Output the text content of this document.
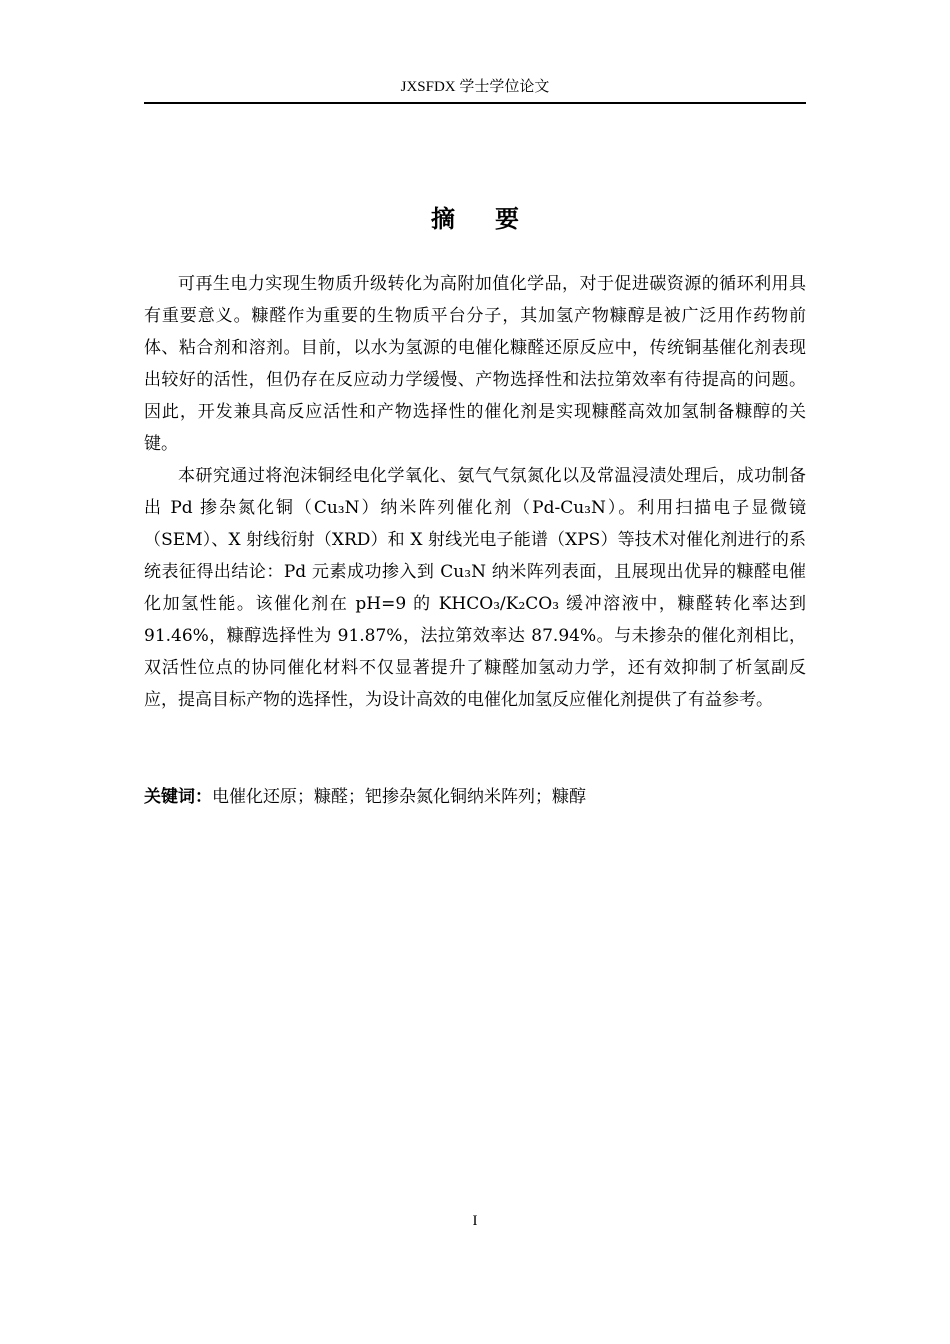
JXSFDX 学士学位论文
摘要

可再生电力实现生物质升级转化为高附加值化学品，对于促进碳资源的循环利用具有重要意义。糠醛作为重要的生物质平台分子，其加氢产物糠醇是被广泛用作药物前体、粘合剂和溶剂。目前，以水为氢源的电催化糠醛还原反应中，传统铜基催化剂表现出较好的活性，但仍存在反应动力学缓慢、产物选择性和法拉第效率有待提高的问题。因此，开发兼具高反应活性和产物选择性的催化剂是实现糠醛高效加氢制备糠醇的关键。

本研究通过将泡沫铜经电化学氧化、氨气气氛氮化以及常温浸渍处理后，成功制备出 Pd 掺杂氮化铜（Cu₃N）纳米阵列催化剂（Pd-Cu₃N）。利用扫描电子显微镜（SEM）、X 射线衍射（XRD）和 X 射线光电子能谱（XPS）等技术对催化剂进行的系统表征得出结论：Pd 元素成功掺入到 Cu₃N 纳米阵列表面，且展现出优异的糠醛电催化加氢性能。该催化剂在 pH=9 的 KHCO₃/K₂CO₃ 缓冲溶液中，糠醛转化率达到 91.46%，糠醇选择性为 91.87%，法拉第效率达 87.94%。与未掺杂的催化剂相比，双活性位点的协同催化材料不仅显著提升了糠醛加氢动力学，还有效抑制了析氢副反应，提高目标产物的选择性，为设计高效的电催化加氢反应催化剂提供了有益参考。

关键词：电催化还原；糠醛；钯掺杂氮化铜纳米阵列；糠醇
I
